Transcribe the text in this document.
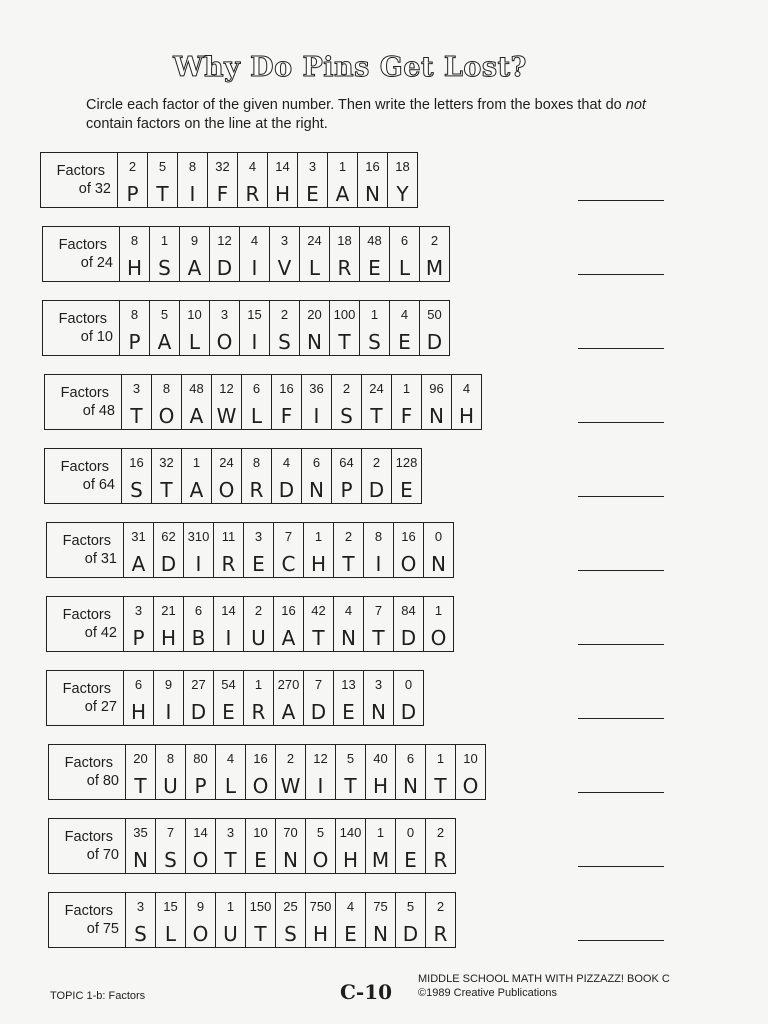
Why Do Pins Get Lost?
Circle each factor of the given number. Then write the letters from the boxes that do not contain factors on the line at the right.
Factors
of 32
2
P
5
T
8
I
32
F
4
R
14
H
3
E
1
A
16
N
18
Y
Factors
of 24
8
H
1
S
9
A
12
D
4
I
3
V
24
L
18
R
48
E
6
L
2
M
Factors
of 10
8
P
5
A
10
L
3
O
15
I
2
S
20
N
100
T
1
S
4
E
50
D
Factors
of 48
3
T
8
O
48
A
12
W
6
L
16
F
36
I
2
S
24
T
1
F
96
N
4
H
Factors
of 64
16
S
32
T
1
A
24
O
8
R
4
D
6
N
64
P
2
D
128
E
Factors
of 31
31
A
62
D
310
I
11
R
3
E
7
C
1
H
2
T
8
I
16
O
0
N
Factors
of 42
3
P
21
H
6
B
14
I
2
U
16
A
42
T
4
N
7
T
84
D
1
O
Factors
of 27
6
H
9
I
27
D
54
E
1
R
270
A
7
D
13
E
3
N
0
D
Factors
of 80
20
T
8
U
80
P
4
L
16
O
2
W
12
I
5
T
40
H
6
N
1
T
10
O
Factors
of 70
35
N
7
S
14
O
3
T
10
E
70
N
5
O
140
H
1
M
0
E
2
R
Factors
of 75
3
S
15
L
9
O
1
U
150
T
25
S
750
H
4
E
75
N
5
D
2
R
TOPIC 1-b: Factors	C-10
MIDDLE SCHOOL MATH WITH PIZZAZZ! BOOK C
©1989 Creative Publications
